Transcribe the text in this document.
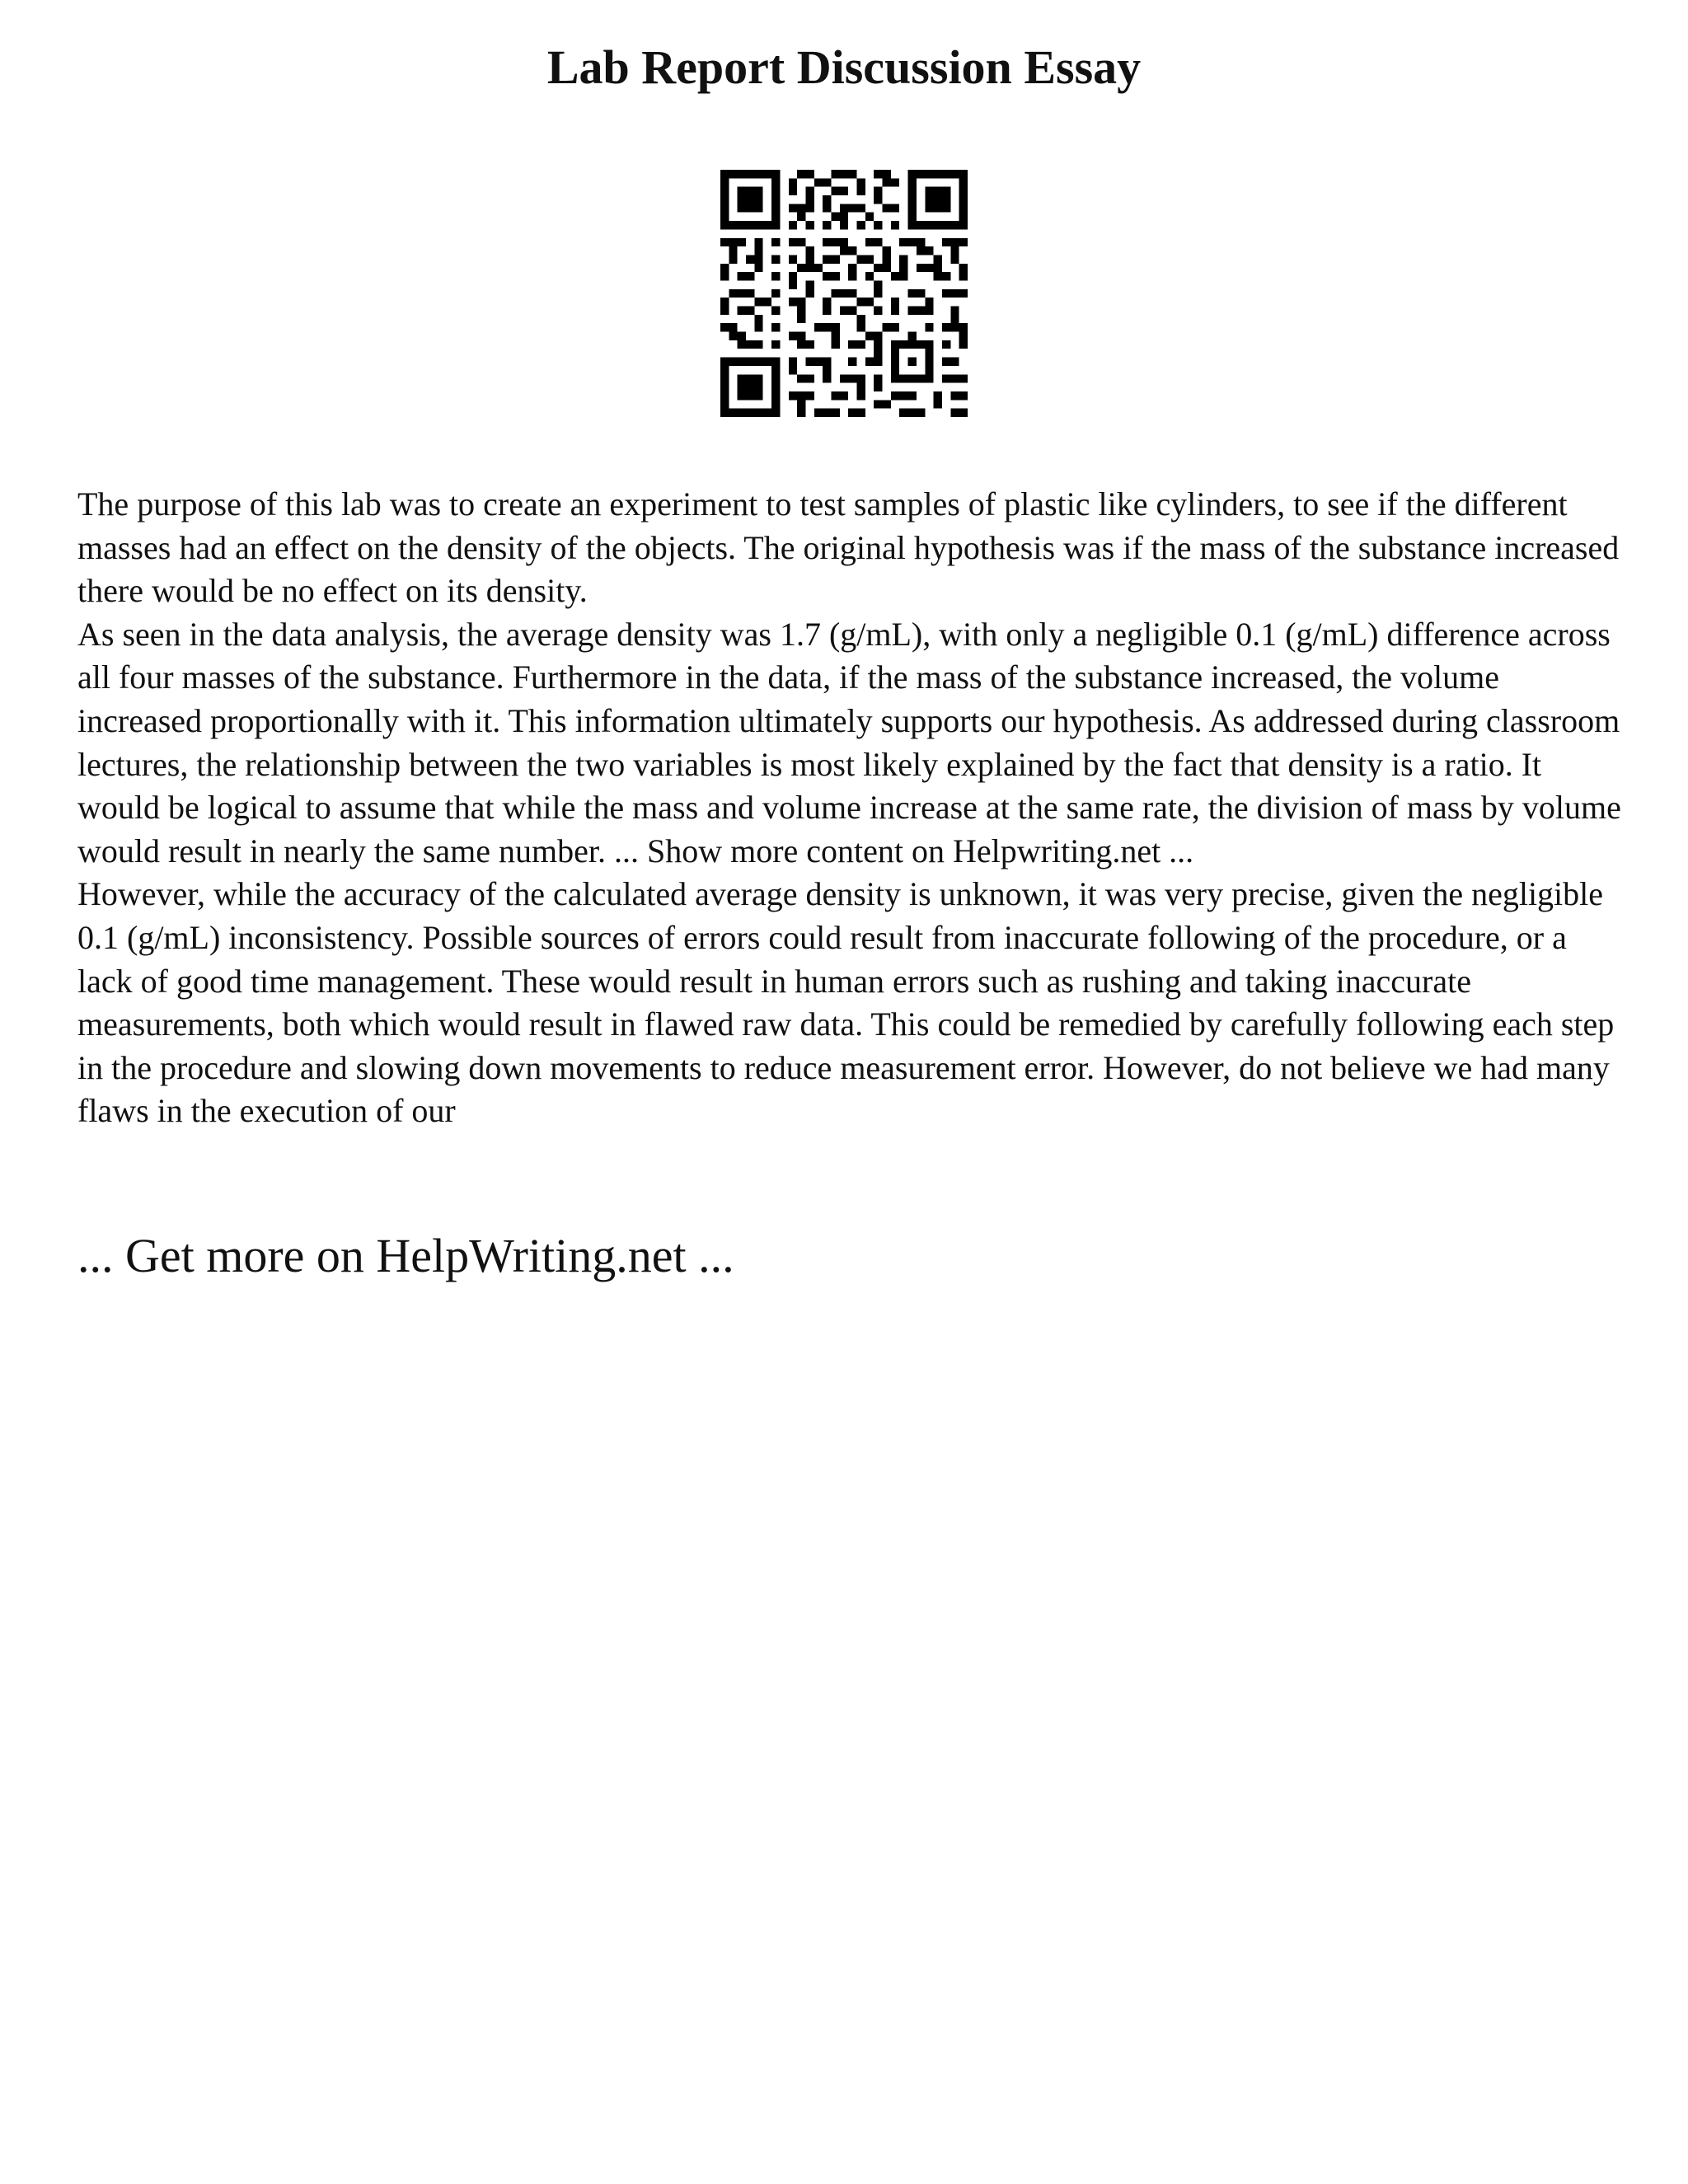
Lab Report Discussion Essay

The purpose of this lab was to create an experiment to test samples of plastic like cylinders, to see if the different masses had an effect on the density of the objects. The original hypothesis was if the mass of the substance increased there would be no effect on its density.

As seen in the data analysis, the average density was 1.7 (g/mL), with only a negligible 0.1 (g/mL) difference across all four masses of the substance. Furthermore in the data, if the mass of the substance increased, the volume increased proportionally with it. This information ultimately supports our hypothesis. As addressed during classroom lectures, the relationship between the two variables is most likely explained by the fact that density is a ratio. It would be logical to assume that while the mass and volume increase at the same rate, the division of mass by volume would result in nearly the same number. ... Show more content on Helpwriting.net ...

However, while the accuracy of the calculated average density is unknown, it was very precise, given the negligible 0.1 (g/mL) inconsistency. Possible sources of errors could result from inaccurate following of the procedure, or a lack of good time management. These would result in human errors such as rushing and taking inaccurate measurements, both which would result in flawed raw data. This could be remedied by carefully following each step in the procedure and slowing down movements to reduce measurement error. However, do not believe we had many flaws in the execution of our

... Get more on HelpWriting.net ...
